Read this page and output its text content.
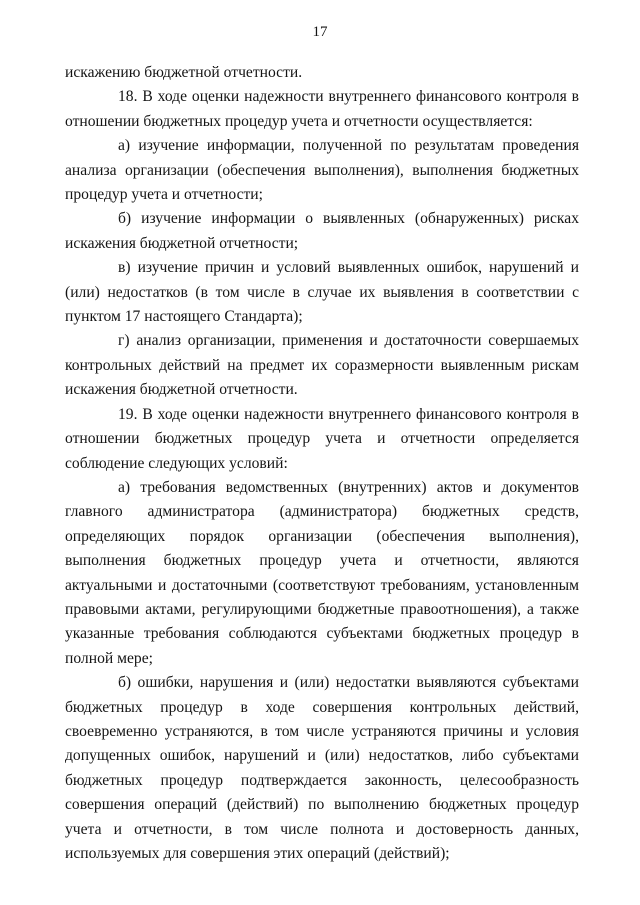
17

искажению бюджетной отчетности.

18. В ходе оценки надежности внутреннего финансового контроля в отношении бюджетных процедур учета и отчетности осуществляется:

а) изучение информации, полученной по результатам проведения анализа организации (обеспечения выполнения), выполнения бюджетных процедур учета и отчетности;

б) изучение информации о выявленных (обнаруженных) рисках искажения бюджетной отчетности;

в) изучение причин и условий выявленных ошибок, нарушений и (или) недостатков (в том числе в случае их выявления в соответствии с пунктом 17 настоящего Стандарта);

г) анализ организации, применения и достаточности совершаемых контрольных действий на предмет их соразмерности выявленным рискам искажения бюджетной отчетности.

19. В ходе оценки надежности внутреннего финансового контроля в отношении бюджетных процедур учета и отчетности определяется соблюдение следующих условий:

а) требования ведомственных (внутренних) актов и документов главного администратора (администратора) бюджетных средств, определяющих порядок организации (обеспечения выполнения), выполнения бюджетных процедур учета и отчетности, являются актуальными и достаточными (соответствуют требованиям, установленным правовыми актами, регулирующими бюджетные правоотношения), а также указанные требования соблюдаются субъектами бюджетных процедур в полной мере;

б) ошибки, нарушения и (или) недостатки выявляются субъектами бюджетных процедур в ходе совершения контрольных действий, своевременно устраняются, в том числе устраняются причины и условия допущенных ошибок, нарушений и (или) недостатков, либо субъектами бюджетных процедур подтверждается законность, целесообразность совершения операций (действий) по выполнению бюджетных процедур учета и отчетности, в том числе полнота и достоверность данных, используемых для совершения этих операций (действий);
